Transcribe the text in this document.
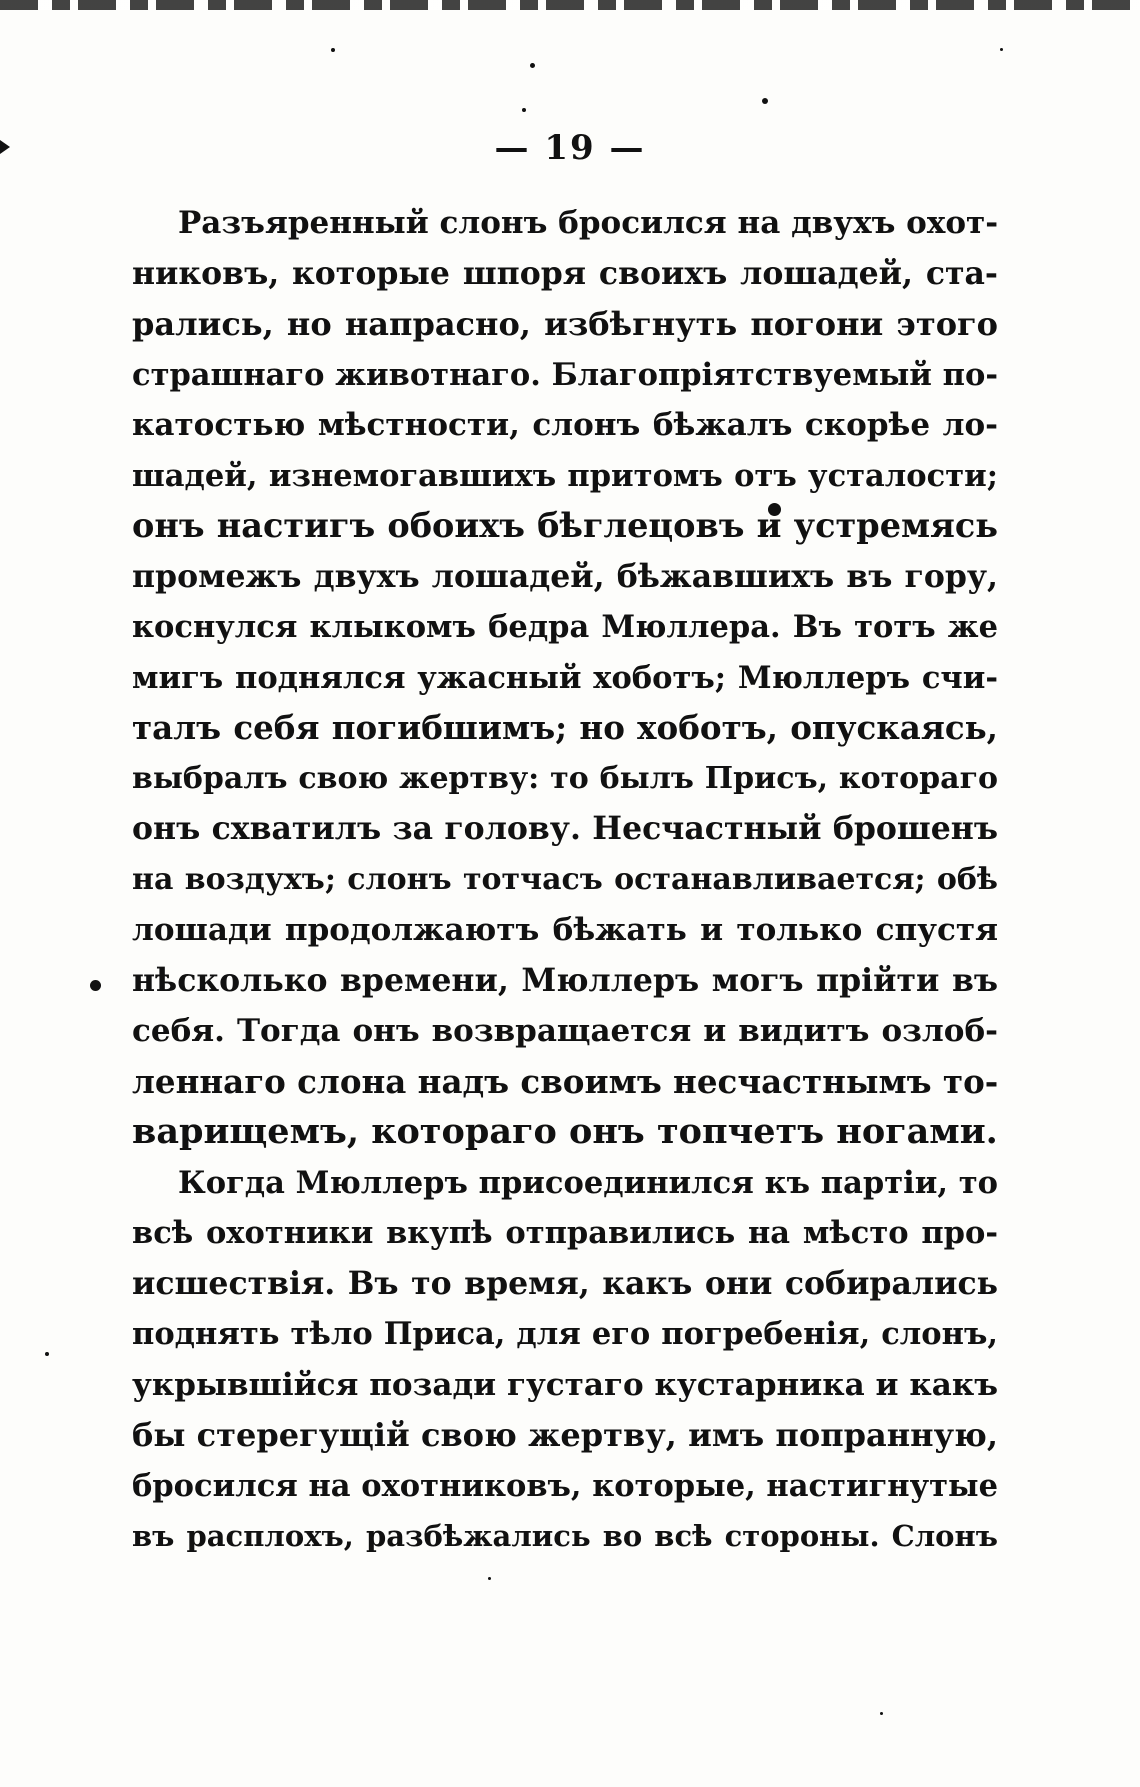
— 19 —
Разъяренный слонъ бросился на двухъ охот-
никовъ, которые шпоря своихъ лошадей, ста-
рались, но напрасно, избѣгнуть погони этого
страшнаго животнаго. Благопріятствуемый по-
катостью мѣстности, слонъ бѣжалъ скорѣе ло-
шадей, изнемогавшихъ притомъ отъ усталости;
онъ настигъ обоихъ бѣглецовъ и устремясь
промежъ двухъ лошадей, бѣжавшихъ въ гору,
коснулся клыкомъ бедра Мюллера. Въ тотъ же
мигъ поднялся ужасный хоботъ; Мюллеръ счи-
талъ себя погибшимъ; но хоботъ, опускаясь,
выбралъ свою жертву: то былъ Присъ, котораго
онъ схватилъ за голову. Несчастный брошенъ
на воздухъ; слонъ тотчасъ останавливается; обѣ
лошади продолжаютъ бѣжать и только спустя
нѣсколько времени, Мюллеръ могъ прійти въ
себя. Тогда онъ возвращается и видитъ озлоб-
леннаго слона надъ своимъ несчастнымъ то-
варищемъ, котораго онъ топчетъ ногами.
Когда Мюллеръ присоединился къ партіи, то
всѣ охотники вкупѣ отправились на мѣсто про-
исшествія. Въ то время, какъ они собирались
поднять тѣло Приса, для его погребенія, слонъ,
укрывшійся позади густаго кустарника и какъ
бы стерегущій свою жертву, имъ попранную,
бросился на охотниковъ, которые, настигнутые
въ расплохъ, разбѣжались во всѣ стороны. Слонъ
